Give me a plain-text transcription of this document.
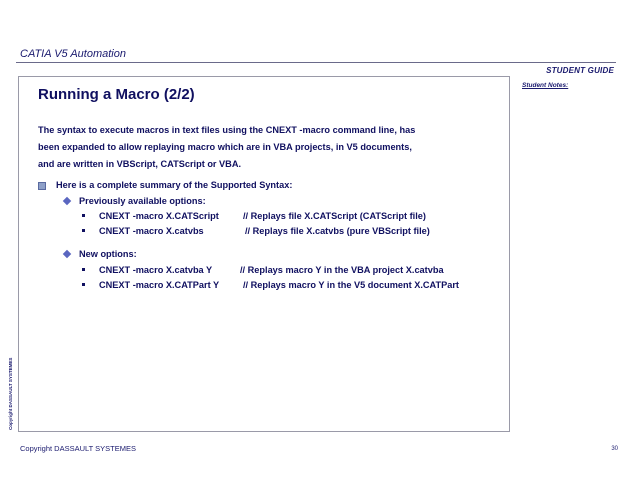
CATIA V5 Automation
STUDENT GUIDE
Student Notes:
Running a Macro (2/2)
The syntax to execute macros in text files using the CNEXT -macro command line, has
been expanded to allow replaying macro which are in VBA projects, in V5 documents,
and are written in VBScript, CATScript or VBA.
Here is a complete summary of the Supported Syntax:
Previously available options:
CNEXT -macro X.CATScript	// Replays file X.CATScript (CATScript file)
CNEXT -macro X.catvbs	// Replays file X.catvbs (pure VBScript file)
New options:
CNEXT -macro X.catvba Y	// Replays macro Y in the VBA project X.catvba
CNEXT -macro X.CATPart Y	// Replays macro Y in the V5 document X.CATPart
Copyright DASSAULT SYSTEMES
Copyright DASSAULT SYSTEMES	30
